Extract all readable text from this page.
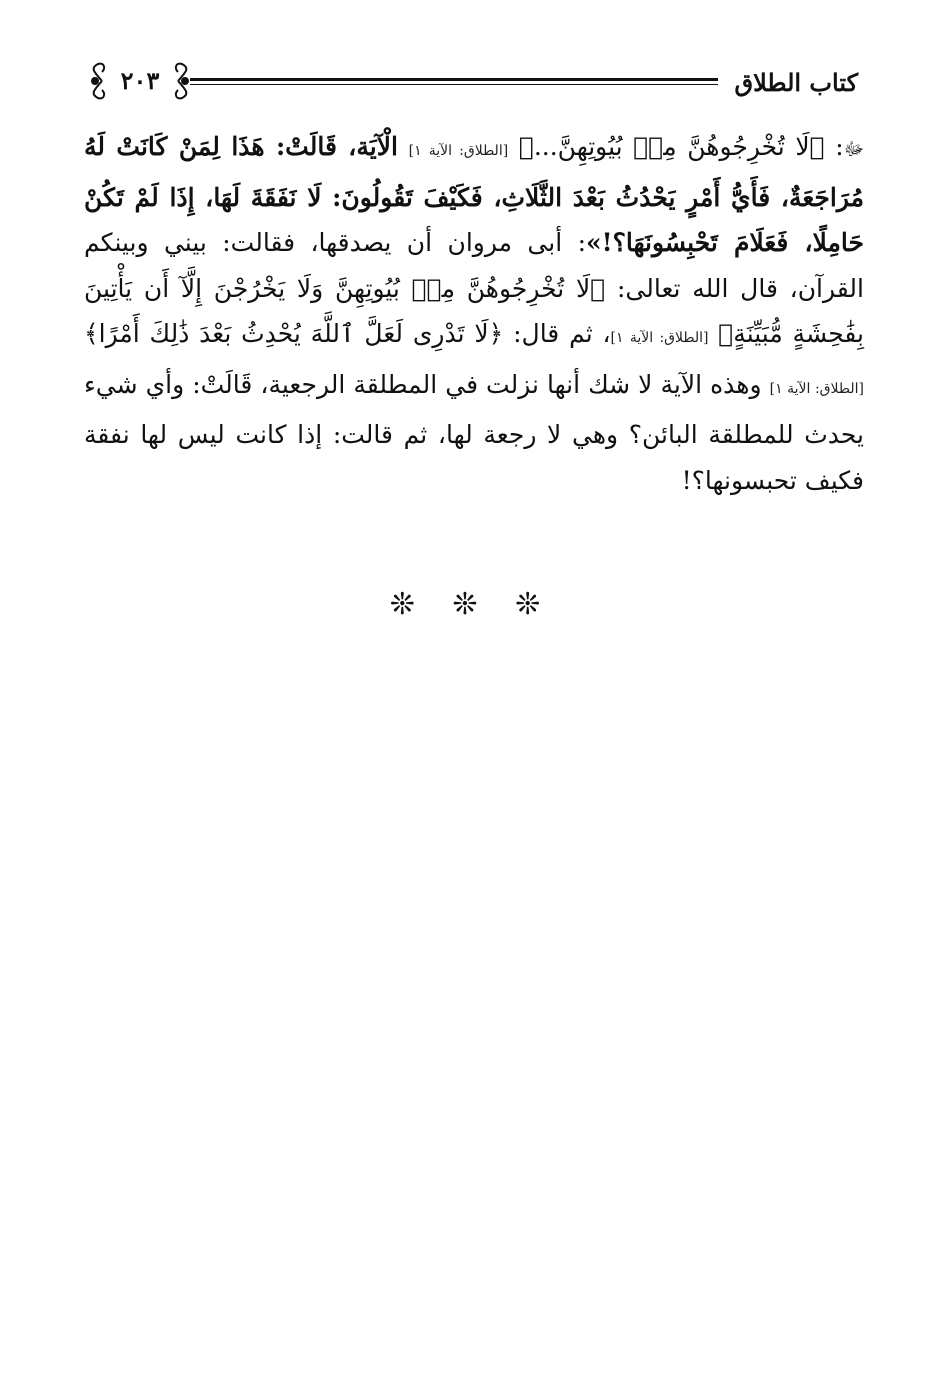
كتاب الطلاق
٢٠٣
ﷻ: ﴿لَا تُخْرِجُوهُنَّ مِنۢ بُيُوتِهِنَّ...﴾ [الطلاق: الآية ١] الْآيَة، قَالَتْ: هَذَا لِمَنْ كَانَتْ لَهُ مُرَاجَعَةٌ، فَأَيُّ أَمْرٍ يَحْدُثُ بَعْدَ الثَّلَاثِ، فَكَيْفَ تَقُولُونَ: لَا نَفَقَةَ لَهَا، إِذَا لَمْ تَكُنْ حَامِلًا، فَعَلَامَ تَحْبِسُونَهَا؟!»: أبى مروان أن يصدقها، فقالت: بيني وبينكم القرآن، قال الله تعالى: ﴿لَا تُخْرِجُوهُنَّ مِنۢ بُيُوتِهِنَّ وَلَا يَخْرُجْنَ إِلَّآ أَن يَأْتِينَ بِفَٰحِشَةٍ مُّبَيِّنَةٍ﴾ [الطلاق: الآية ١]، ثم قال: ﴿لَا تَدْرِى لَعَلَّ ٱللَّهَ يُحْدِثُ بَعْدَ ذَٰلِكَ أَمْرًا﴾ [الطلاق: الآية ١] وهذه الآية لا شك أنها نزلت في المطلقة الرجعية، قَالَتْ: وأي شيء يحدث للمطلقة البائن؟ وهي لا رجعة لها، ثم قالت: إذا كانت ليس لها نفقة فكيف تحبسونها؟!
❊ ❊ ❊
